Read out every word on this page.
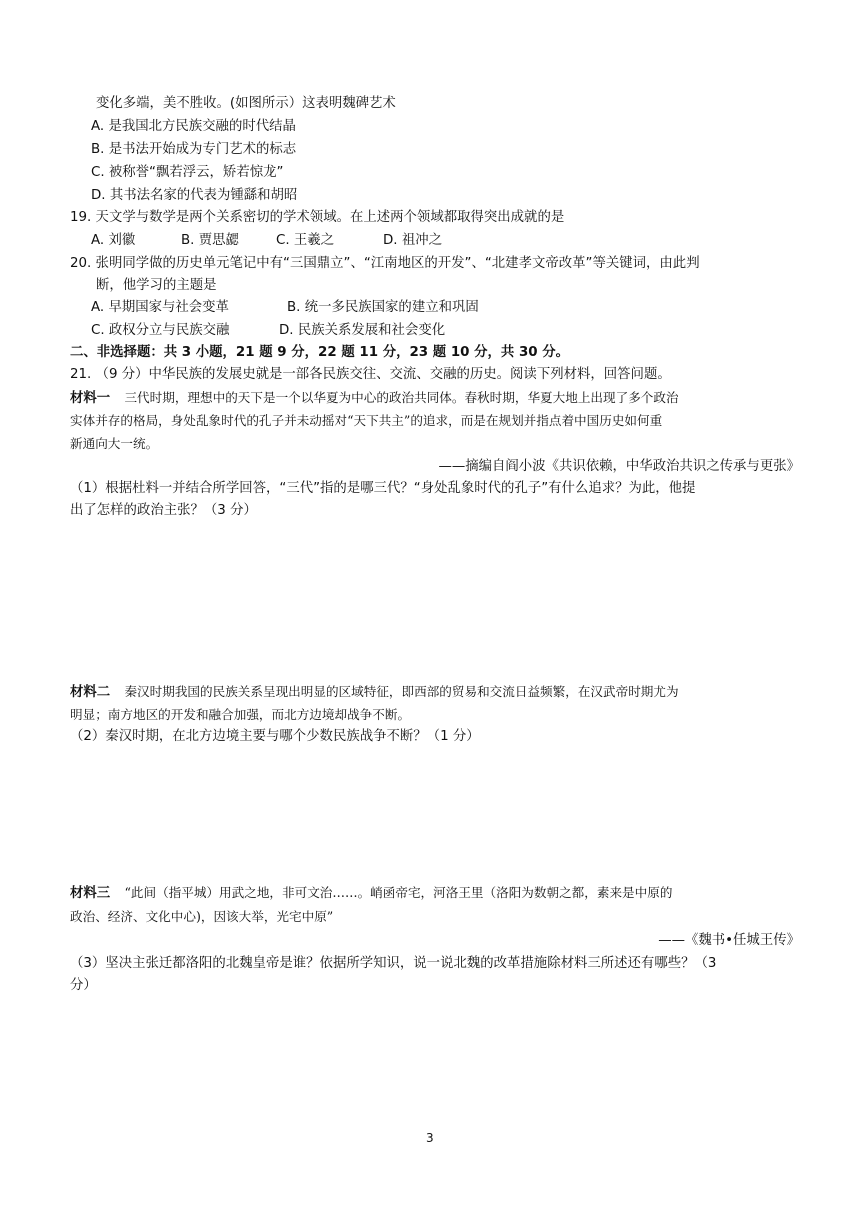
变化多端，美不胜收。(如图所示）这表明魏碑艺术
A. 是我国北方民族交融的时代结晶
B. 是书法开始成为专门艺术的标志
C. 被称誉“飘若浮云，矫若惊龙”
D. 其书法名家的代表为锺繇和胡昭
19. 天文学与数学是两个关系密切的学术领域。在上述两个领域都取得突出成就的是
A. 刘徽	B. 贾思勰	C. 王羲之	D. 祖冲之
20. 张明同学做的历史单元笔记中有“三国鼎立”、“江南地区的开发”、“北建孝文帝改革”等关键词，由此判
断，他学习的主题是
A. 早期国家与社会变革	B. 统一多民族国家的建立和巩固
C. 政权分立与民族交融	D. 民族关系发展和社会变化
二、非选择题：共 3 小题，21 题 9 分，22 题 11 分，23 题 10 分，共 30 分。
21. （9 分）中华民族的发展史就是一部各民族交往、交流、交融的历史。阅读下列材料，回答问题。
材料一 三代时期，理想中的天下是一个以华夏为中心的政治共同体。春秋时期，华夏大地上出现了多个政治
实体并存的格局，身处乱象时代的孔子并未动摇对“天下共主”的追求，而是在规划并指点着中国历史如何重
新通向大一统。
——摘编自阎小波《共识依赖，中华政治共识之传承与更张》
（1）根据杜料一并结合所学回答，“三代”指的是哪三代？“身处乱象时代的孔子”有什么追求？为此，他提
出了怎样的政治主张？（3 分）
材料二 秦汉时期我国的民族关系呈现出明显的区域特征，即西部的贸易和交流日益频繁，在汉武帝时期尤为
明显；南方地区的开发和融合加强，而北方边境却战争不断。
（2）秦汉时期，在北方边境主要与哪个少数民族战争不断？（1 分）
材料三 “此间（指平城）用武之地，非可文治……。峭函帝宅，河洛王里（洛阳为数朝之都，素来是中原的
政治、经济、文化中心)，因该大举，光宅中原”
——《魏书•任城王传》
（3）坚决主张迁都洛阳的北魏皇帝是谁？依据所学知识，说一说北魏的改革措施除材料三所述还有哪些？（3
分）
3
